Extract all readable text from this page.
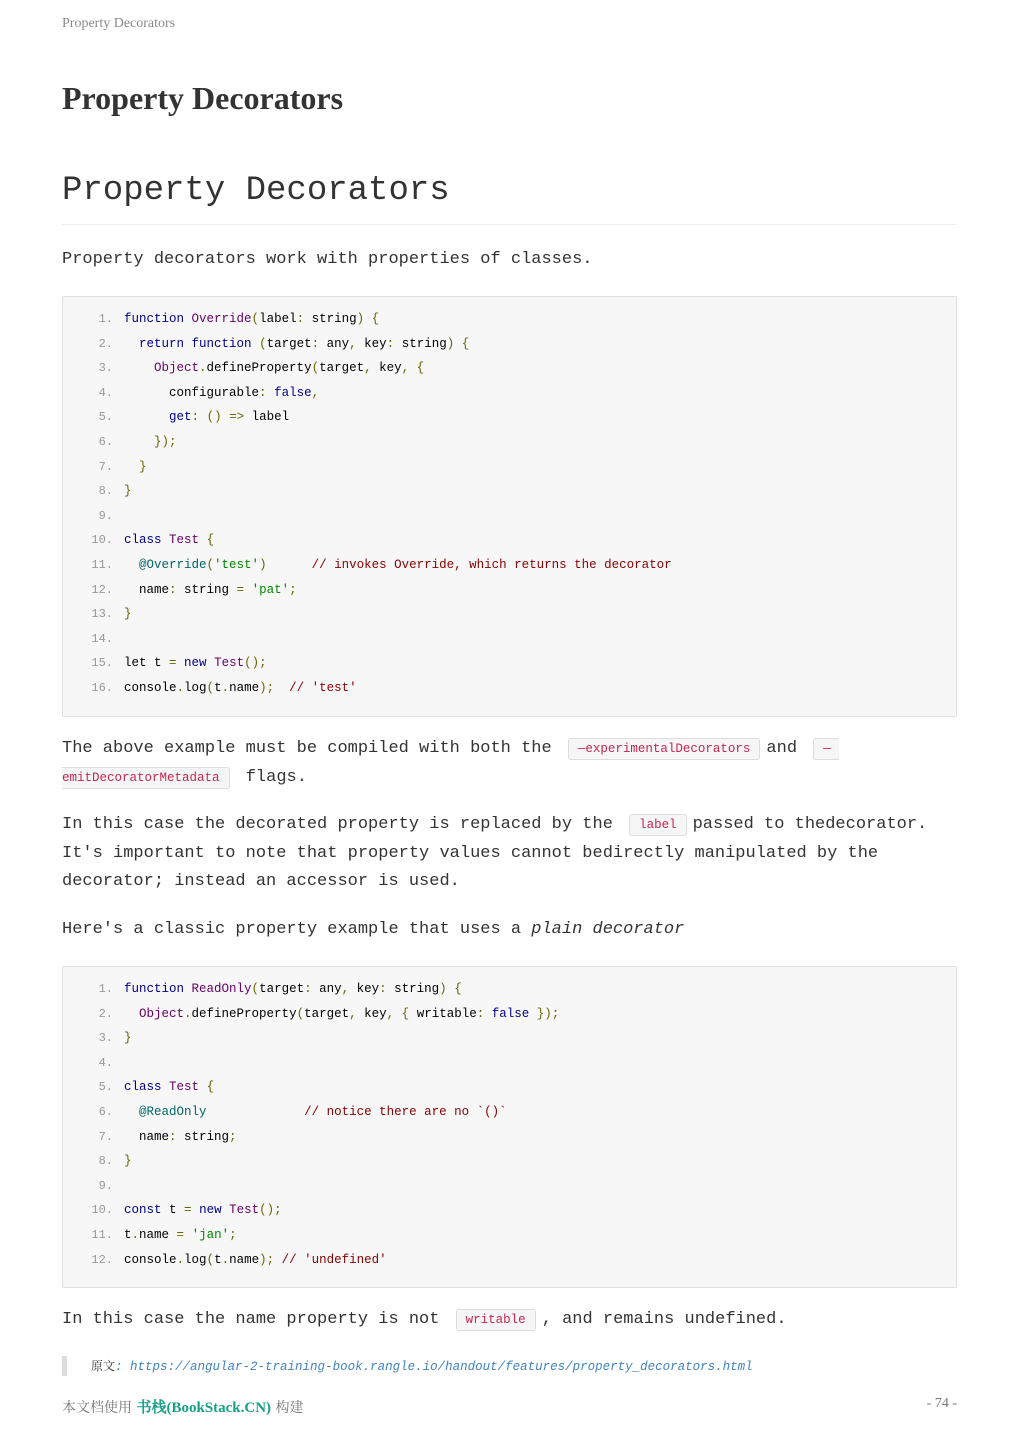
Property Decorators
Property Decorators
Property Decorators

Property decorators work with properties of classes.

1. function Override(label: string) {
2. return function (target: any, key: string) {
3.	Object.defineProperty(target, key, {
4.      configurable: false,
5.	get: () => label
6.	});
7. }
8. }
9.
10. class Test {
11. @Override('test')	// invokes Override, which returns the decorator
12.  name: string = 'pat';
13. }
14.
15. let t = new Test();
16. console.log(t.name); // 'test'

The above example must be compiled with both the —experimentalDecorators and —
emitDecoratorMetadata flags.

In this case the decorated property is replaced by the label passed to thedecorator. It's important to note that property values cannot bedirectly manipulated by the decorator; instead an accessor is used.

Here's a classic property example that uses a plain decorator

1. function ReadOnly(target: any, key: string) {
2. Object.defineProperty(target, key, { writable: false });
3. }
4.
5. class Test {
6. @ReadOnly	// notice there are no `()`
7.  name: string;
8. }
9.
10. const t = new Test();
11. t.name = 'jan';
12. console.log(t.name); // 'undefined'

In this case the name property is not writable , and remains undefined.

原文: https://angular-2-training-book.rangle.io/handout/features/property_decorators.html
本文档使用 书栈(BookStack.CN) 构建	- 74 -
